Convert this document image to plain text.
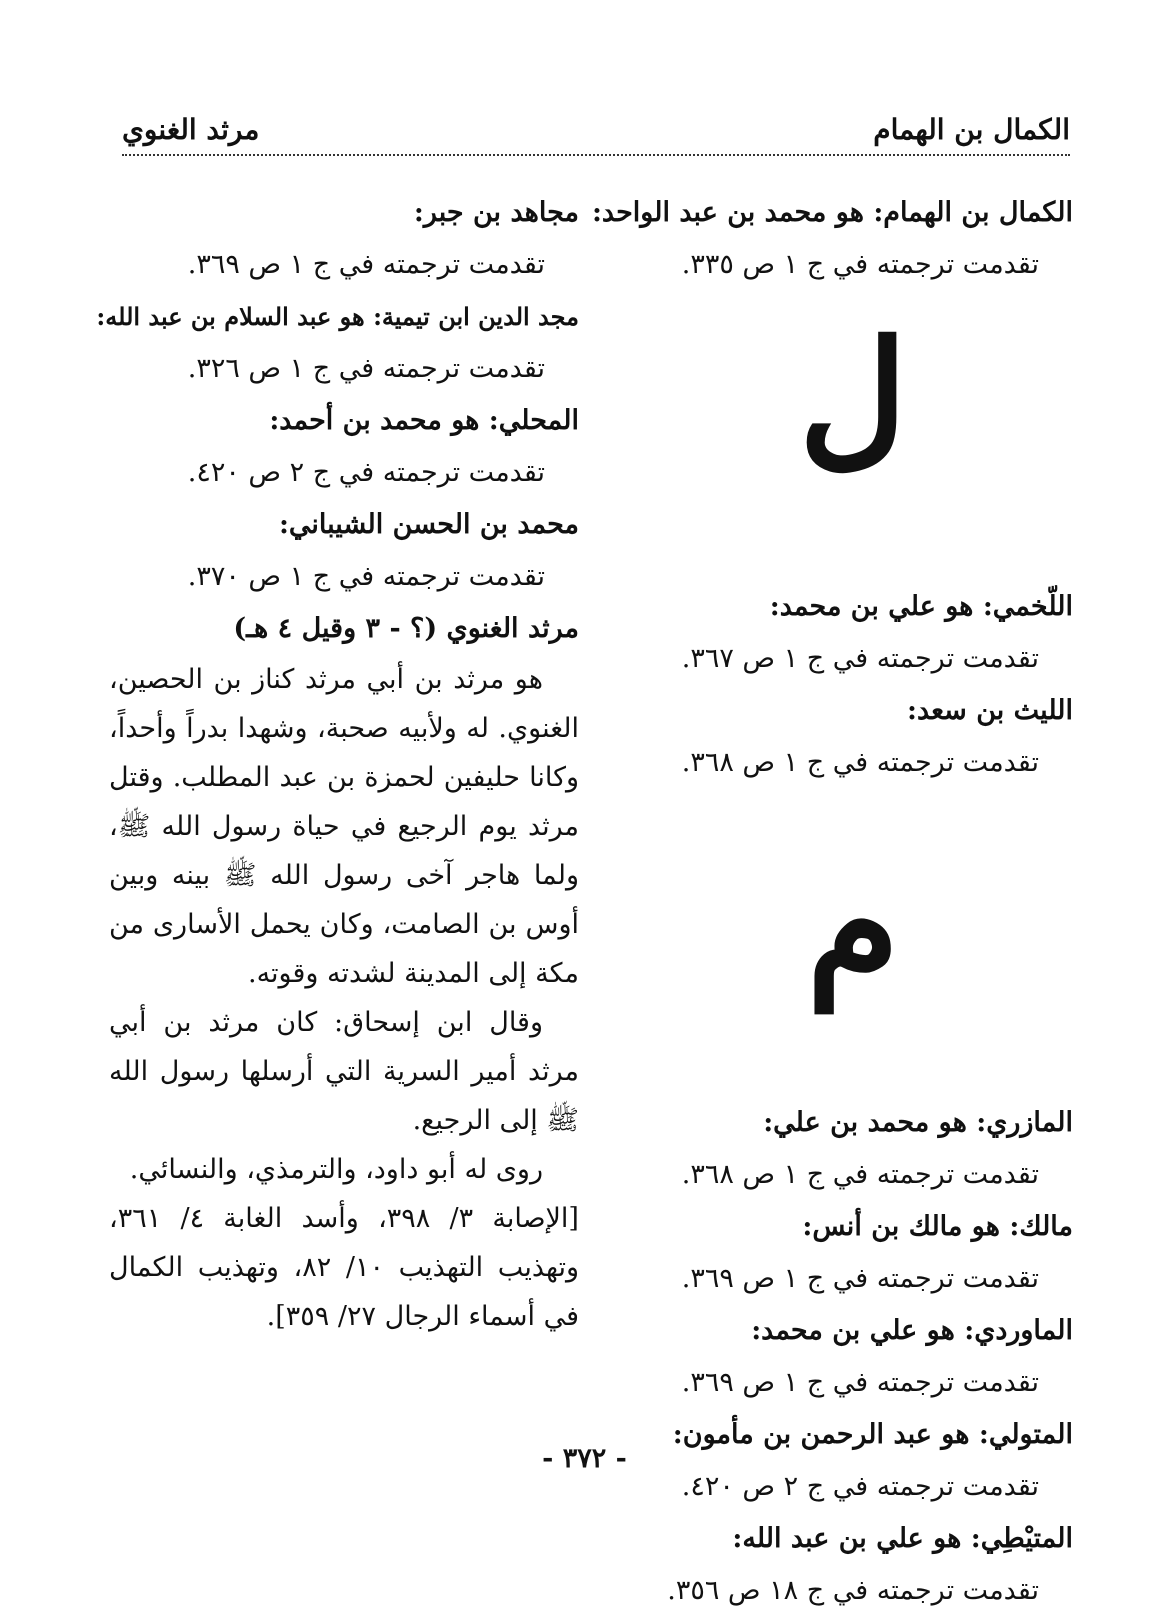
الكمال بن الهمام
مرثد الغنوي

الكمال بن الهمام: هو محمد بن عبد الواحد:

تقدمت ترجمته في ج ١ ص ٣٣٥.

ل

اللّخمي: هو علي بن محمد:

تقدمت ترجمته في ج ١ ص ٣٦٧.

الليث بن سعد:

تقدمت ترجمته في ج ١ ص ٣٦٨.

م

المازري: هو محمد بن علي:

تقدمت ترجمته في ج ١ ص ٣٦٨.

مالك: هو مالك بن أنس:

تقدمت ترجمته في ج ١ ص ٣٦٩.

الماوردي: هو علي بن محمد:

تقدمت ترجمته في ج ١ ص ٣٦٩.

المتولي: هو عبد الرحمن بن مأمون:

تقدمت ترجمته في ج ٢ ص ٤٢٠.

المتيْطِي: هو علي بن عبد الله:

تقدمت ترجمته في ج ١٨ ص ٣٥٦.

مجاهد بن جبر:

تقدمت ترجمته في ج ١ ص ٣٦٩.

مجد الدين ابن تيمية: هو عبد السلام بن عبد الله:

تقدمت ترجمته في ج ١ ص ٣٢٦.

المحلي: هو محمد بن أحمد:

تقدمت ترجمته في ج ٢ ص ٤٢٠.

محمد بن الحسن الشيباني:

تقدمت ترجمته في ج ١ ص ٣٧٠.

مرثد الغنوي (؟ - ٣ وقيل ٤ هـ)

هو مرثد بن أبي مرثد كناز بن الحصين، الغنوي. له ولأبيه صحبة، وشهدا بدراً وأحداً، وكانا حليفين لحمزة بن عبد المطلب. وقتل مرثد يوم الرجيع في حياة رسول الله ﷺ، ولما هاجر آخى رسول الله ﷺ بينه وبين أوس بن الصامت، وكان يحمل الأسارى من مكة إلى المدينة لشدته وقوته.

وقال ابن إسحاق: كان مرثد بن أبي مرثد أمير السرية التي أرسلها رسول الله ﷺ إلى الرجيع.

روى له أبو داود، والترمذي، والنسائي.

[الإصابة ٣/ ٣٩٨، وأسد الغابة ٤/ ٣٦١، وتهذيب التهذيب ١٠/ ٨٢، وتهذيب الكمال في أسماء الرجال ٢٧/ ٣٥٩].

- ٣٧٢ -
